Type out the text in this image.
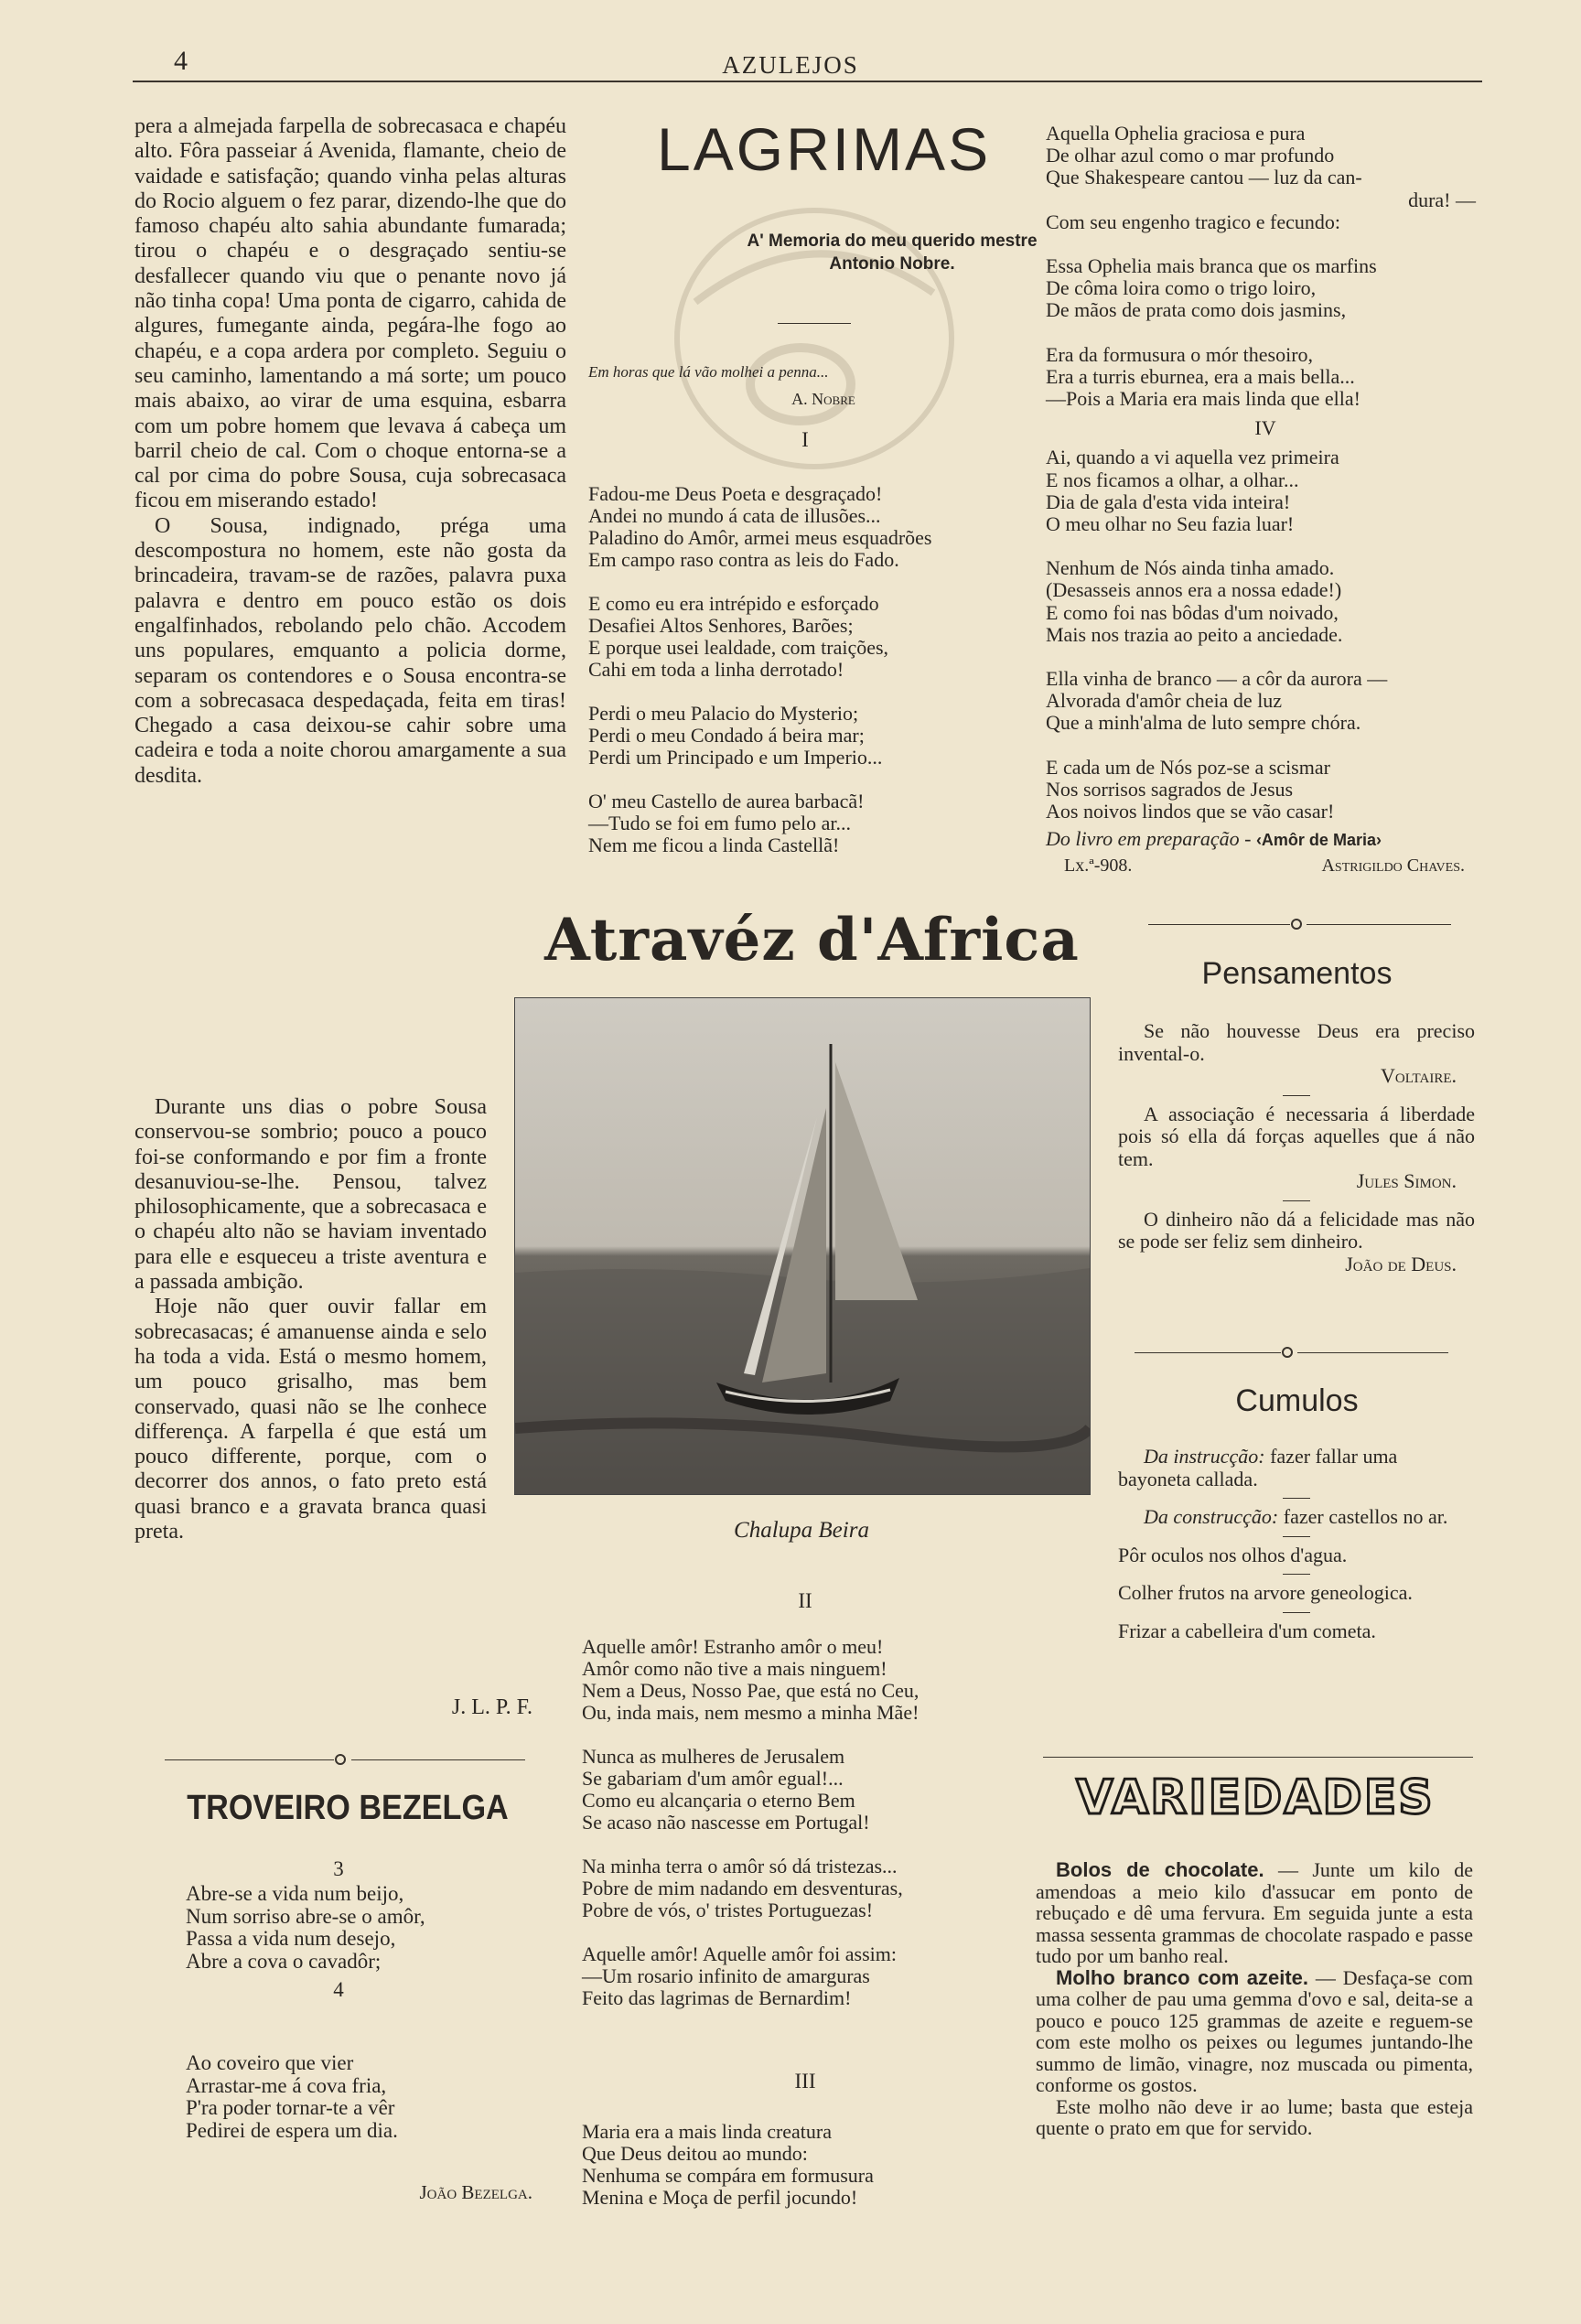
4	AZULEJOS
pera a almejada farpella de sobrecasaca e chapéu alto. Fôra passeiar á Avenida, flamante, cheio de vaidade e satisfação; quando vinha pelas alturas do Rocio alguem o fez parar, dizendo-lhe que do famoso chapéu alto sahia abundante fumarada; tirou o chapéu e o desgraçado sentiu-se desfallecer quando viu que o penante novo já não tinha copa! Uma ponta de cigarro, cahida de algures, fumegante ainda, pegára-lhe fogo ao chapéu, e a copa ardera por completo. Seguiu o seu caminho, lamentando a má sorte; um pouco mais abaixo, ao virar de uma esquina, esbarra com um pobre homem que levava á cabeça um barril cheio de cal. Com o choque entorna-se a cal por cima do pobre Sousa, cuja sobrecasaca ficou em miserando estado!
O Sousa, indignado, préga uma descompostura no homem, este não gosta da brincadeira, travam-se de razões, palavra puxa palavra e dentro em pouco estão os dois engalfinhados, rebolando pelo chão. Accodem uns populares, emquanto a policia dorme, separam os contendores e o Sousa encontra-se com a sobrecasaca despedaçada, feita em tiras! Chegado a casa deixou-se cahir sobre uma cadeira e toda a noite chorou amargamente a sua desdita.
Durante uns dias o pobre Sousa conservou-se sombrio; pouco a pouco foi-se conformando e por fim a fronte desanuviou-se-lhe. Pensou, talvez philosophicamente, que a sobrecasaca e o chapéu alto não se haviam inventado para elle e esqueceu a triste aventura e a passada ambição.
Hoje não quer ouvir fallar em sobrecasacas; é amanuense ainda e selo ha toda a vida. Está o mesmo homem, um pouco grisalho, mas bem conservado, quasi não se lhe conhece differença. A farpella é que está um pouco differente, porque, com o decorrer dos annos, o fato preto está quasi branco e a gravata branca quasi preta.
J. L. P. F.
TROVEIRO BEZELGA
3
Abre-se a vida num beijo,
Num sorriso abre-se o amôr,
Passa a vida num desejo,
Abre a cova o cavadôr;
4
Ao coveiro que vier
Arrastar-me á cova fria,
P'ra poder tornar-te a vêr
Pedirei de espera um dia.
João Bezelga.
LAGRIMAS
A' Memoria do meu querido mestre Antonio Nobre.
Em horas que lá vão molhei a penna...
A. Nobre
I
Fadou-me Deus Poeta e desgraçado!
Andei no mundo á cata de illusões...
Paladino do Amôr, armei meus esquadrões
Em campo raso contra as leis do Fado.
E como eu era intrépido e esforçado
Desafiei Altos Senhores, Barões;
E porque usei lealdade, com traições,
Cahi em toda a linha derrotado!
Perdi o meu Palacio do Mysterio;
Perdi o meu Condado á beira mar;
Perdi um Principado e um Imperio...
O' meu Castello de aurea barbacã!
—Tudo se foi em fumo pelo ar...
Nem me ficou a linda Castellã!
Atravéz d'Africa
Chalupa Beira
II
Aquelle amôr! Estranho amôr o meu!
Amôr como não tive a mais ninguem!
Nem a Deus, Nosso Pae, que está no Ceu,
Ou, inda mais, nem mesmo a minha Mãe!
Nunca as mulheres de Jerusalem
Se gabariam d'um amôr egual!...
Como eu alcançaria o eterno Bem
Se acaso não nascesse em Portugal!
Na minha terra o amôr só dá tristezas...
Pobre de mim nadando em desventuras,
Pobre de vós, o' tristes Portuguezas!
Aquelle amôr! Aquelle amôr foi assim:
—Um rosario infinito de amarguras
Feito das lagrimas de Bernardim!
III
Maria era a mais linda creatura
Que Deus deitou ao mundo:
Nenhuma se compára em formusura
Menina e Moça de perfil jocundo!
Aquella Ophelia graciosa e pura
De olhar azul como o mar profundo
Que Shakespeare cantou — luz da can-
dura! —
Com seu engenho tragico e fecundo:
Essa Ophelia mais branca que os marfins
De côma loira como o trigo loiro,
De mãos de prata como dois jasmins,
Era da formusura o mór thesoiro,
Era a turris eburnea, era a mais bella...
—Pois a Maria era mais linda que ella!
IV
Ai, quando a vi aquella vez primeira
E nos ficamos a olhar, a olhar...
Dia de gala d'esta vida inteira!
O meu olhar no Seu fazia luar!
Nenhum de Nós ainda tinha amado.
(Desasseis annos era a nossa edade!)
E como foi nas bôdas d'um noivado,
Mais nos trazia ao peito a anciedade.
Ella vinha de branco — a côr da aurora —
Alvorada d'amôr cheia de luz
Que a minh'alma de luto sempre chóra.
E cada um de Nós poz-se a scismar
Nos sorrisos sagrados de Jesus
Aos noivos lindos que se vão casar!
Do livro em preparação - ‹Amôr de Maria›
Lx.ª-908.	Astrigildo Chaves.
Pensamentos
Se não houvesse Deus era preciso invental-o.
Voltaire.
A associação é necessaria á liberdade pois só ella dá forças aquelles que á não tem.
Jules Simon.
O dinheiro não dá a felicidade mas não se pode ser feliz sem dinheiro.
João de Deus.
Cumulos
Da instrucção: fazer fallar uma bayoneta callada.
Da construcção: fazer castellos no ar.
Pôr oculos nos olhos d'agua.
Colher frutos na arvore geneologica.
Frizar a cabelleira d'um cometa.
VARIEDADES
Bolos de chocolate. — Junte um kilo de amendoas a meio kilo d'assucar em ponto de rebuçado e dê uma fervura. Em seguida junte a esta massa sessenta grammas de chocolate raspado e passe tudo por um banho real.
Molho branco com azeite. — Desfaça-se com uma colher de pau uma gemma d'ovo e sal, deita-se a pouco e pouco 125 grammas de azeite e reguem-se com este molho os peixes ou legumes juntando-lhe summo de limão, vinagre, noz muscada ou pimenta, conforme os gostos.
Este molho não deve ir ao lume; basta que esteja quente o prato em que for servido.
